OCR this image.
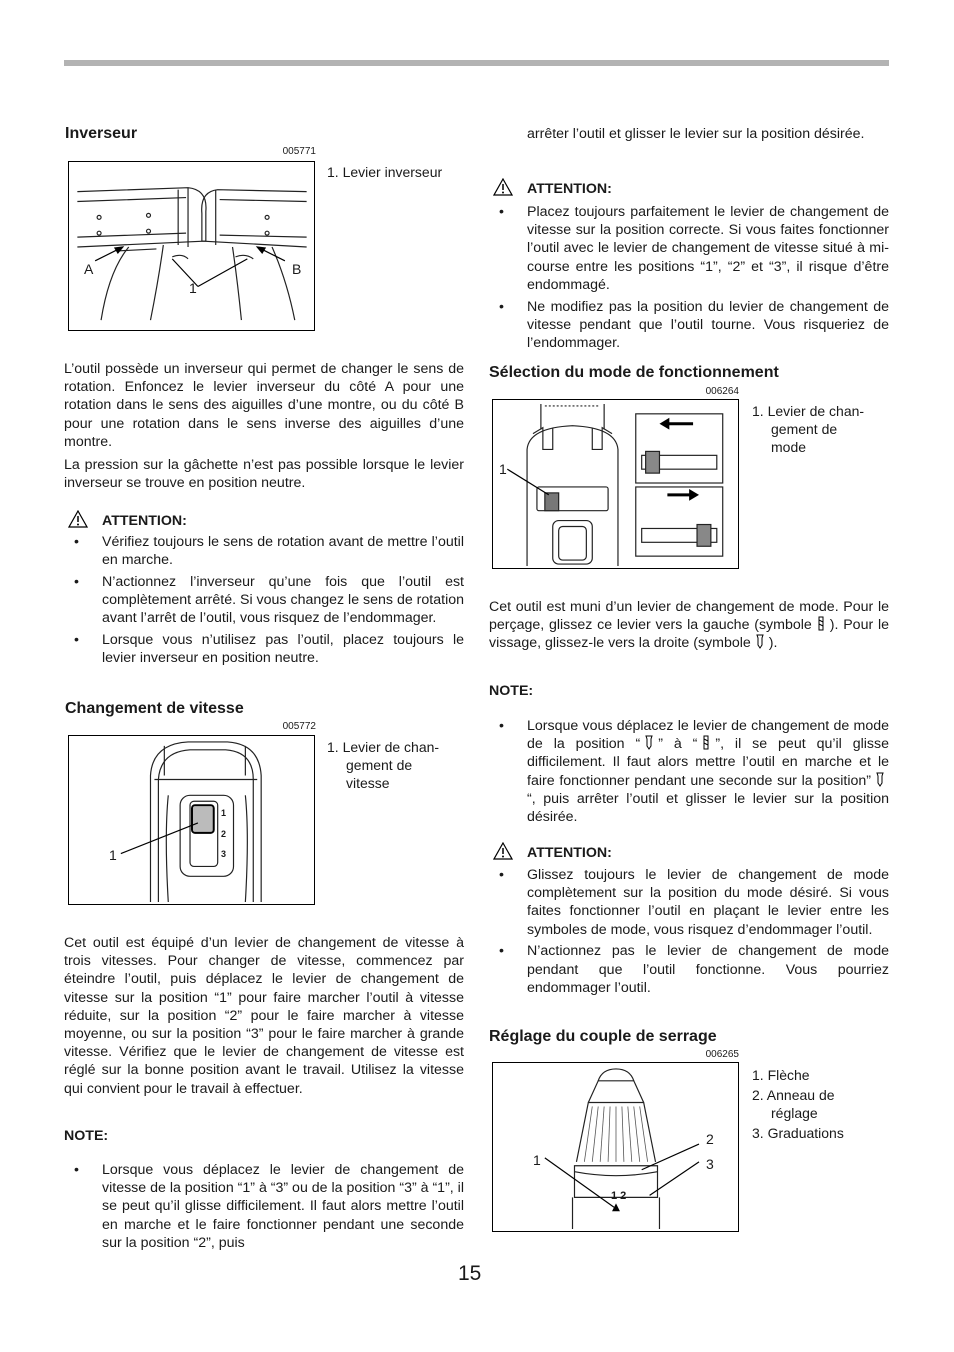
Inverseur
005771
A	B
1
1. Levier inverseur

L’outil possède un inverseur qui permet de changer le sens de rotation. Enfoncez le levier inverseur du côté A pour une rotation dans le sens des aiguilles d’une montre, ou du côté B pour une rotation dans le sens inverse des aiguilles d’une montre.

La pression sur la gâchette n’est pas possible lorsque le levier inverseur se trouve en position neutre.

ATTENTION:
• Vérifiez toujours le sens de rotation avant de mettre l’outil en marche.
• N’actionnez l’inverseur qu’une fois que l’outil est complètement arrêté. Si vous changez le sens de rotation avant l’arrêt de l’outil, vous risquez de l’endommager.
• Lorsque vous n’utilisez pas l’outil, placez toujours le levier inverseur en position neutre.
Changement de vitesse
005772
1
2
3
1
1. Levier de chan-
gement de
vitesse

Cet outil est équipé d’un levier de changement de vitesse à trois vitesses. Pour changer de vitesse, commencez par éteindre l’outil, puis déplacez le levier de changement de vitesse sur la position “1” pour faire marcher l’outil à vitesse réduite, sur la position “2” pour le faire marcher à vitesse moyenne, ou sur la position “3” pour le faire marcher à grande vitesse. Vérifiez que le levier de changement de vitesse est réglé sur la bonne position avant le travail. Utilisez la vitesse qui convient pour le travail à effectuer.

NOTE:
• Lorsque vous déplacez le levier de changement de vitesse de la position “1” à “3” ou de la position “3” à “1”, il se peut qu’il glisse difficilement. Il faut alors mettre l’outil en marche et le faire fonctionner pendant une seconde sur la position “2”, puis
15

arrêter l’outil et glisser le levier sur la position désirée.

ATTENTION:
• Placez toujours parfaitement le levier de changement de vitesse sur la position correcte. Si vous faites fonctionner l’outil avec le levier de changement de vitesse situé à mi-course entre les positions “1”, “2” et “3”, il risque d’être endommagé.
• Ne modifiez pas la position du levier de changement de vitesse pendant que l’outil tourne. Vous risqueriez de l’endommager.
Sélection du mode de fonctionnement
006264
1
1. Levier de chan-
gement de
mode

Cet outil est muni d’un levier de changement de mode. Pour le perçage, glissez ce levier vers la gauche (symbole ). Pour le vissage, glissez-le vers la droite (symbole ).

NOTE:
• Lorsque vous déplacez le levier de changement de mode de la position “ ” à “ ”, il se peut qu’il glisse difficilement. Il faut alors mettre l’outil en marche et le faire fonctionner pendant une seconde sur la position”“, puis arrêter l’outil et glisser le levier sur la position désirée.
ATTENTION:
• Glissez toujours le levier de changement de mode complètement sur la position du mode désiré. Si vous faites fonctionner l’outil en plaçant le levier entre les symboles de mode, vous risquez d’endommager l’outil.
• N’actionnez pas le levier de changement de mode pendant que l’outil fonctionne. Vous pourriez endommager l’outil.
Réglage du couple de serrage
006265
1 2
1
2
3
1. Flèche
2. Anneau de
réglage
3. Graduations
